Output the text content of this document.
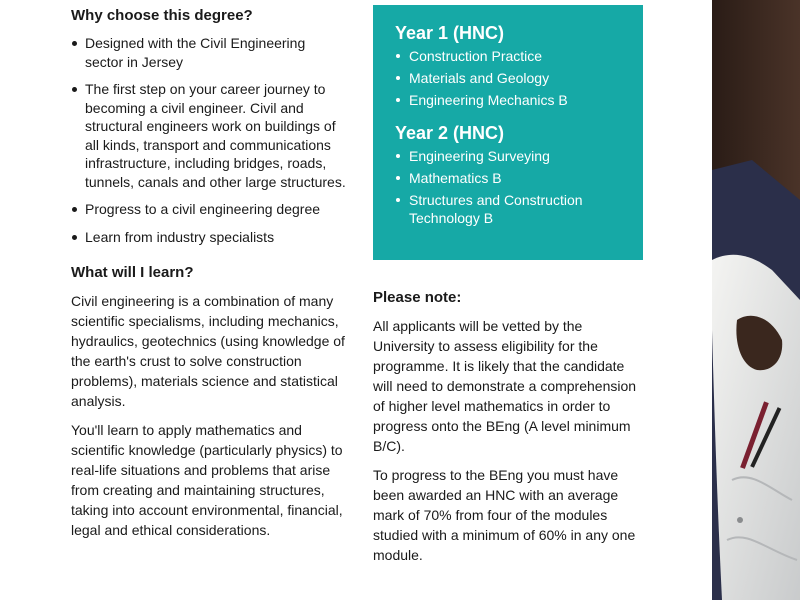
Why choose this degree?
Designed with the Civil Engineering sector in Jersey
The first step on your career journey to becoming a civil engineer. Civil and structural engineers work on buildings of all kinds, transport and communications infrastructure, including bridges, roads, tunnels, canals and other large structures.
Progress to a civil engineering degree
Learn from industry specialists
What will I learn?

Civil engineering is a combination of many scientific specialisms, including mechanics, hydraulics, geotechnics (using knowledge of the earth's crust to solve construction problems), materials science and statistical analysis.

You'll learn to apply mathematics and scientific knowledge (particularly physics) to real-life situations and problems that arise from creating and maintaining structures, taking into account environmental, financial, legal and ethical considerations.

Year 1 (HNC)
Construction Practice
Materials and Geology
Engineering Mechanics B
Year 2 (HNC)
Engineering Surveying
Mathematics B
Structures and Construction Technology B
Please note:

All applicants will be vetted by the University to assess eligibility for the programme. It is likely that the candidate will need to demonstrate a comprehension of higher level mathematics in order to progress onto the BEng (A level minimum B/C).

To progress to the BEng you must have been awarded an HNC with an average mark of 70% from four of the modules studied with a minimum of 60% in any one module.
